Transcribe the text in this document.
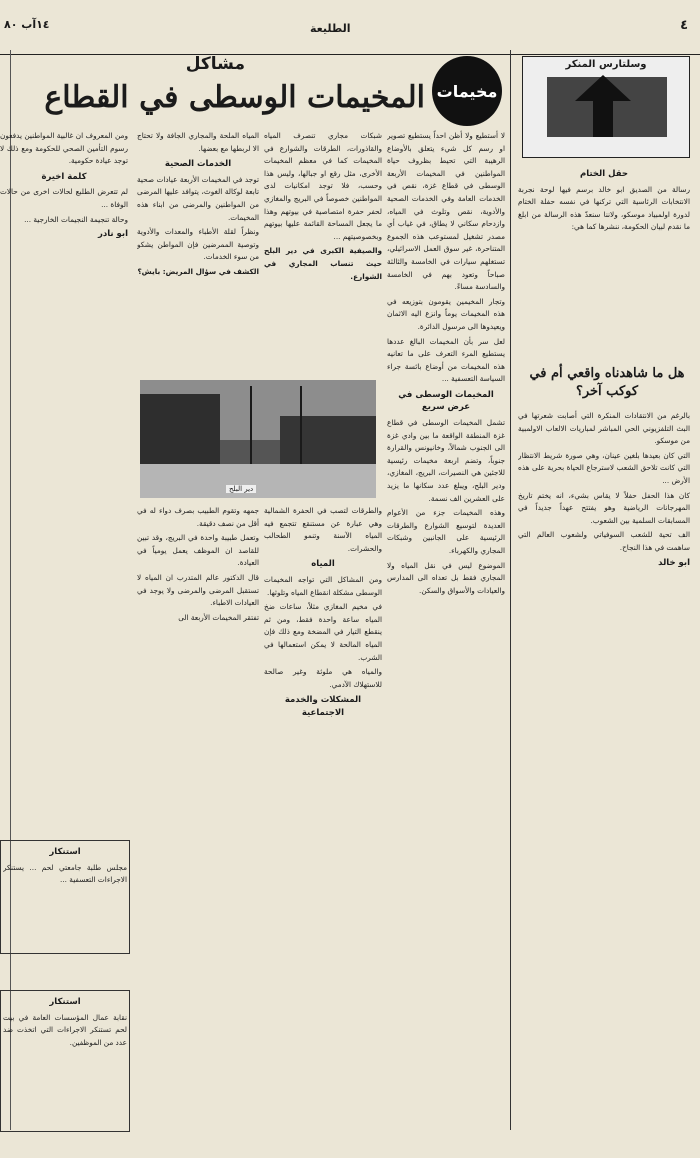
٤
الطليعة
١٤آب ٨٠
مخيمات
مشاكل
المخيمات الوسطى في القطاع

لا أستطيع ولا أظن احداً يستطيع تصوير او رسم كل شيء يتعلق بالأوضاع الرهيبة التي تحيط بظروف حياة المواطنين في المخيمات الأربعة الوسطى في قطاع غزة، نقص في الخدمات العامة وفي الخدمات الصحية والأدوية، نقص وتلوث في المياه، وازدحام سكاني لا يطاق، في غياب أي مصدر تشغيل لمستوعب هذه الجموع المتناحرة، غير سوق العمل الاسرائيلي، تستغلهم سيارات في الخامسة والثالثة صباحاً وتعود بهم في الخامسة والسادسة مساءً.

وتجار المخيمين يقومون بتوزيعه في هذه المخيمات يوماً وانزع اليه الاثمان ويعيدوها الى مرسول الدائرة.

لعل سر بأن المخيمات البالغ عددها يستطيع المرء التعرف على ما تعانيه هذه المخيمات من أوضاع بائسة جراء السياسة التعسفية ...

المخيمات الوسطى في عرض سريع

تشمل المخيمات الوسطى في قطاع غزة المنطقة الواقعة ما بين وادي غزة الى الجنوب شمالاً، وخانيونس والقرارة جنوباً، وتضم اربعة مخيمات رئيسية للاجئين هي النصيرات، البريج، المغازي، ودير البلح، ويبلغ عدد سكانها ما يزيد على العشرين الف نسمة.

وهذه المخيمات جزء من الأعوام العديدة لتوسيع الشوارع والطرقات الرئيسية على الجانبين وشبكات المجاري والكهرباء.

الموضوع ليس في نقل المياه ولا المجاري فقط بل تعداه الى المدارس والعيادات والأسواق والسكن.

شبكات مجاري تنصرف المياه والقاذورات، الطرقات والشوارع في المخيمات كما في معظم المخيمات الأخرى، مثل رقع او جبالها، وليس هذا وحسب، فلا توجد امكانيات لدى المواطنين خصوصاً في البريج والمغازي لحفر حفرة امتصاصية في بيوتهم وهذا ما يجعل المساحة القائمة عليها بيوتهم وبخصوصيتهم ...

والصيفية الكبرى في دير البلح حيث تنساب المجاري في الشوارع.

المياه الملحة والمجاري الجافة ولا تحتاج الا لربطها مع بعضها.

الخدمات الصحية

توجد في المخيمات الأربعة عيادات صحية تابعة لوكالة الغوث، يتوافد عليها المرضى من المواطنين والمرضى من ابناء هذه المخيمات.

ونظراً لقلة الأطباء والمعدات والأدوية وتوصية الممرضين فإن المواطن يشكو من سوء الخدمات.

الكشف في سؤال المريض: بايش؟

دير البلح

والطرقات لتصب في الحفرة الشمالية وهي عبارة عن مستنقع تتجمع فيه المياه الآسنة وتنمو الطحالب والحشرات.

المياه

ومن المشاكل التي تواجه المخيمات الوسطى مشكلة انقطاع المياه وتلوثها.

في مخيم المغازي مثلاً، ساعات ضخ المياه ساعة واحدة فقط، ومن ثم ينقطع التيار في المضخة ومع ذلك فإن المياه المالحة لا يمكن استعمالها في الشرب.

والمياه هي ملوثة وغير صالحة للاستهلاك الآدمي.

المشكلات والخدمة الاجتماعية

جمهه وتقوم الطبيب بصرف دواء له في أقل من نصف دقيقة.

وتعمل طبيبة واحدة في البريج، وقد تبين للقاصد ان الموظف يعمل يومياً في العيادة.

قال الدكتور عالم المتدرب ان المياه لا تستقبل المرضى والمرضى ولا يوجد في العيادات الاطباء.

تفتقر المخيمات الأربعة الى

ومن المعروف ان غالبية المواطنين يدفعون رسوم التأمين الصحي للحكومة ومع ذلك لا توجد عيادة حكومية.

كلمة اخيرة

لم تتعرض الطلبع لحالات اخرى من حالات الوفاة ...

وحالة تنجيمة النجيمات الخارجية ...

ابو نادر

استنكار

مجلس طلبة جامعتي لحم ... يستنكر الاجراءات التعسفية ...

استنكار

نقابة عمال المؤسسات العامة في بيت لحم تستنكر الاجراءات التي اتخذت ضد عدد من الموظفين.

وسلتارس المنكر
حقل الختام

رسالة من الصديق ابو خالد برسم فيها لوحة نجربة الانتخابات الرئاسية التي تركنها في نفسه حفلة الختام لدورة اولمبياد موسكو، ولاننا سنعدّ هذه الرسالة من ابلغ ما نقدم لبيان الحكومة، ننشرها كما هي:

هل ما شاهدناه واقعي أم في كوكب آخر؟

بالرغم من الانتقادات المنكرة التي أصابت شعرتها في البث التلفزيوني الحي المباشر لمباريات الالعاب الاولمبية من موسكو.

التي كان بعيدها بلغين عينان، وهي صورة شريط الانتظار التي كانت تلاحق الشعب لاسترجاع الحياة بحرية على هذه الأرض ...

كان هذا الحفل حفلاً لا يقاس بشيء، انه يختم تاريخ المهرجانات الرياضية وهو يفتتح عهداً جديداً في المسابقات السلمية بين الشعوب.

الف تحية للشعب السوفياتي ولشعوب العالم التي ساهمت في هذا النجاح.

ابو خالد
